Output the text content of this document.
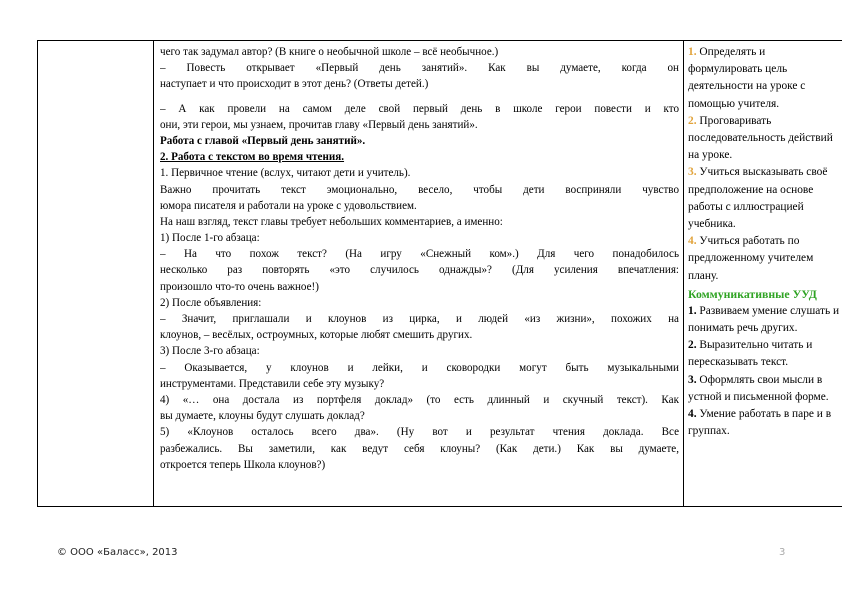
чего так задумал автор? (В книге о необычной школе – всё необычное.)
– Повесть открывает «Первый день занятий». Как вы думаете, когда он
наступает и что происходит в этот день? (Ответы детей.)
– А как провели на самом деле свой первый день в школе герои повести и кто
они, эти герои, мы узнаем, прочитав главу «Первый день занятий».
Работа с главой «Первый день занятий».
2. Работа с текстом во время чтения.
1. Первичное чтение (вслух, читают дети и учитель).
Важно прочитать текст эмоционально, весело, чтобы дети восприняли чувство
юмора писателя и работали на уроке с удовольствием.
На наш взгляд, текст главы требует небольших комментариев, а именно:
1) После 1-го абзаца:
– На что похож текст? (На игру «Снежный ком».) Для чего понадобилось
несколько раз повторять «это случилось однажды»? (Для усиления впечатления:
произошло что-то очень важное!)
2) После объявления:
– Значит, приглашали и клоунов из цирка, и людей «из жизни», похожих на
клоунов, – весёлых, остроумных, которые любят смешить других.
3) После 3-го абзаца:
– Оказывается, у клоунов и лейки, и сковородки могут быть музыкальными
инструментами. Представили себе эту музыку?
4) «… она достала из портфеля доклад» (то есть длинный и скучный текст). Как
вы думаете, клоуны будут слушать доклад?
5) «Клоунов осталось всего два». (Ну вот и результат чтения доклада. Все
разбежались. Вы заметили, как ведут себя клоуны? (Как дети.) Как вы думаете,
откроется теперь Школа клоунов?)
1. Определять и формулировать цель деятельности на уроке с помощью учителя.
2. Проговаривать последовательность действий на уроке.
3. Учиться высказывать своё предположение на основе работы с иллюстрацией учебника.
4. Учиться работать по предложенному учителем плану.
Коммуникативные УУД
1. Развиваем умение слушать и понимать речь других.
2. Выразительно читать и пересказывать текст.
3. Оформлять свои мысли в устной и письменной форме.
4. Умение работать в паре и в группах.
© ООО «Баласс», 2013	3
